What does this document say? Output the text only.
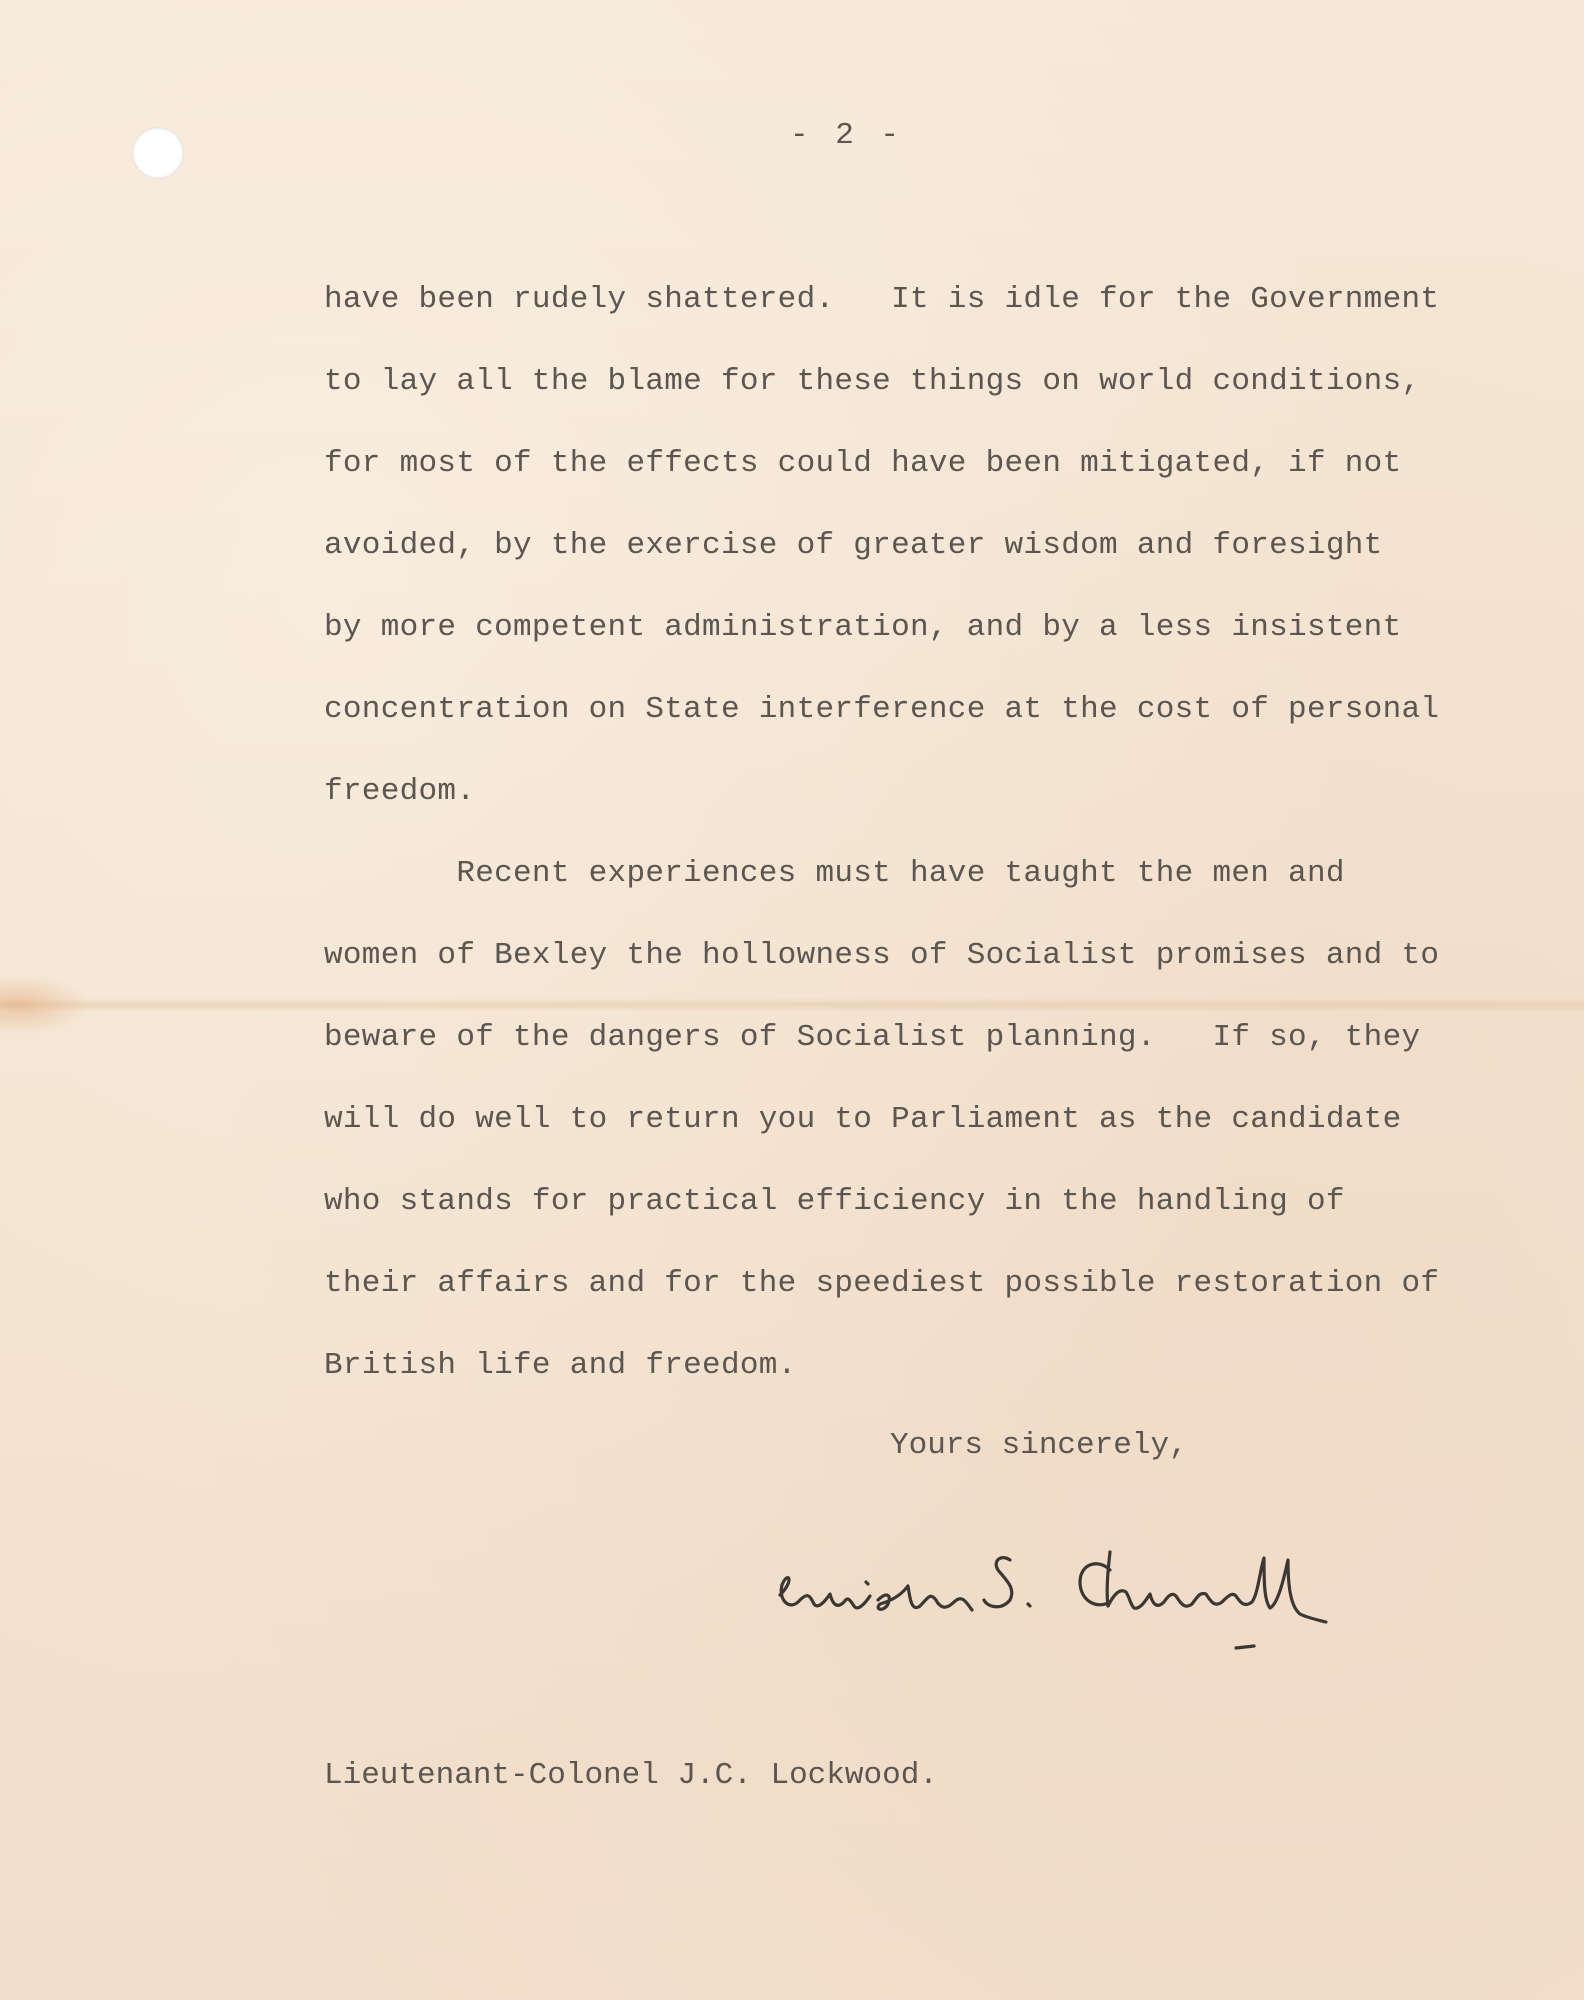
- 2 -
have been rudely shattered.   It is idle for the Government
to lay all the blame for these things on world conditions,
for most of the effects could have been mitigated, if not
avoided, by the exercise of greater wisdom and foresight
by more competent administration, and by a less insistent
concentration on State interference at the cost of personal
freedom.
Recent experiences must have taught the men and
women of Bexley the hollowness of Socialist promises and to
beware of the dangers of Socialist planning.   If so, they
will do well to return you to Parliament as the candidate
who stands for practical efficiency in the handling of
their affairs and for the speediest possible restoration of
British life and freedom.
Yours sincerely,
Lieutenant-Colonel J.C. Lockwood.
